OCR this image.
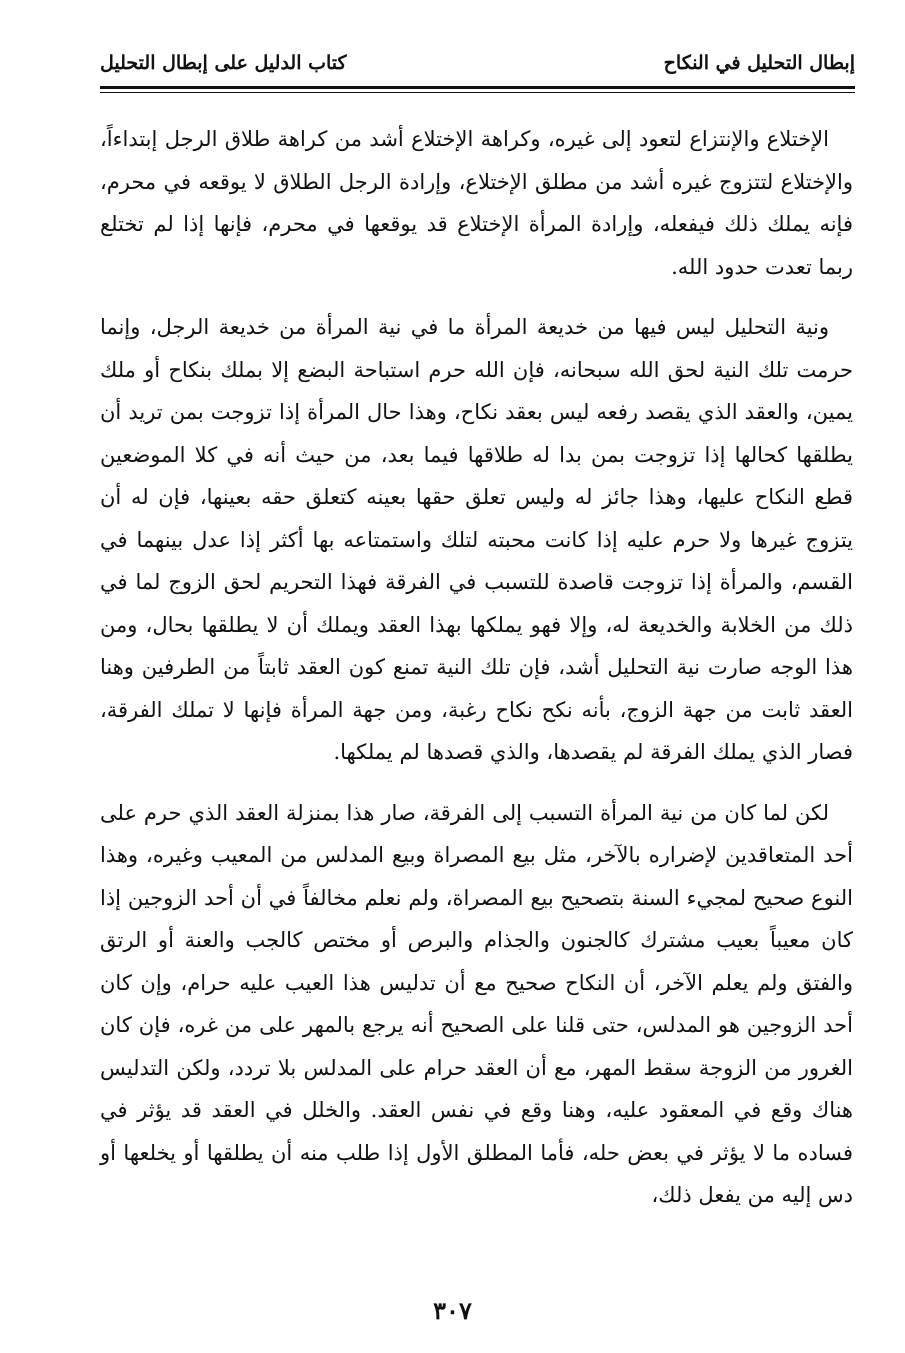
إبطال التحليل في النكاح
كتاب الدليل على إبطال التحليل

الإختلاع والإنتزاع لتعود إلى غيره، وكراهة الإختلاع أشد من كراهة طلاق الرجل إبتداءاً، والإختلاع لتتزوج غيره أشد من مطلق الإختلاع، وإرادة الرجل الطلاق لا يوقعه في محرم، فإنه يملك ذلك فيفعله، وإرادة المرأة الإختلاع قد يوقعها في محرم، فإنها إذا لم تختلع ربما تعدت حدود الله.

ونية التحليل ليس فيها من خديعة المرأة ما في نية المرأة من خديعة الرجل، وإنما حرمت تلك النية لحق الله سبحانه، فإن الله حرم استباحة البضع إلا بملك بنكاح أو ملك يمين، والعقد الذي يقصد رفعه ليس بعقد نكاح، وهذا حال المرأة إذا تزوجت بمن تريد أن يطلقها كحالها إذا تزوجت بمن بدا له طلاقها فيما بعد، من حيث أنه في كلا الموضعين قطع النكاح عليها، وهذا جائز له وليس تعلق حقها بعينه كتعلق حقه بعينها، فإن له أن يتزوج غيرها ولا حرم عليه إذا كانت محبته لتلك واستمتاعه بها أكثر إذا عدل بينهما في القسم، والمرأة إذا تزوجت قاصدة للتسبب في الفرقة فهذا التحريم لحق الزوج لما في ذلك من الخلابة والخديعة له، وإلا فهو يملكها بهذا العقد ويملك أن لا يطلقها بحال، ومن هذا الوجه صارت نية التحليل أشد، فإن تلك النية تمنع كون العقد ثابتاً من الطرفين وهنا العقد ثابت من جهة الزوج، بأنه نكح نكاح رغبة، ومن جهة المرأة فإنها لا تملك الفرقة، فصار الذي يملك الفرقة لم يقصدها، والذي قصدها لم يملكها.

لكن لما كان من نية المرأة التسبب إلى الفرقة، صار هذا بمنزلة العقد الذي حرم على أحد المتعاقدين لإضراره بالآخر، مثل بيع المصراة وبيع المدلس من المعيب وغيره، وهذا النوع صحيح لمجيء السنة بتصحيح بيع المصراة، ولم نعلم مخالفاً في أن أحد الزوجين إذا كان معيباً بعيب مشترك كالجنون والجذام والبرص أو مختص كالجب والعنة أو الرتق والفتق ولم يعلم الآخر، أن النكاح صحيح مع أن تدليس هذا العيب عليه حرام، وإن كان أحد الزوجين هو المدلس، حتى قلنا على الصحيح أنه يرجع بالمهر على من غره، فإن كان الغرور من الزوجة سقط المهر، مع أن العقد حرام على المدلس بلا تردد، ولكن التدليس هناك وقع في المعقود عليه، وهنا وقع في نفس العقد. والخلل في العقد قد يؤثر في فساده ما لا يؤثر في بعض حله، فأما المطلق الأول إذا طلب منه أن يطلقها أو يخلعها أو دس إليه من يفعل ذلك،

٣٠٧
